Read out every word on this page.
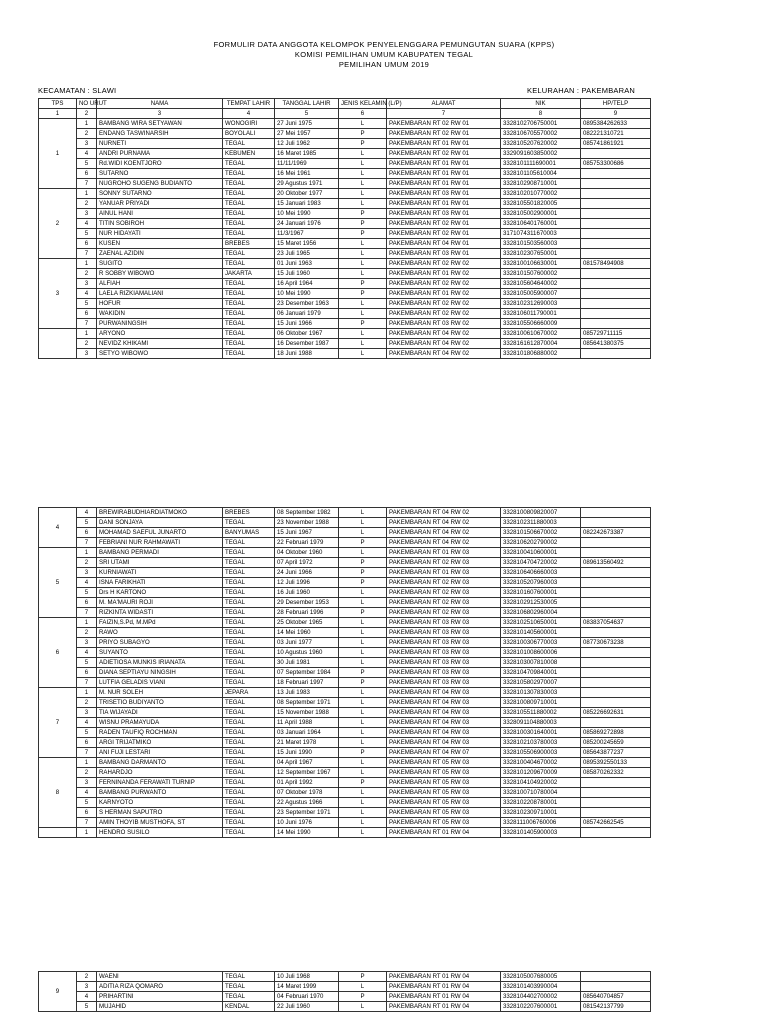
FORMULIR DATA ANGGOTA KELOMPOK PENYELENGGARA PEMUNGUTAN SUARA (KPPS)
KOMISI PEMILIHAN UMUM KABUPATEN TEGAL
PEMILIHAN UMUM 2019
KECAMATAN : SLAWI	KELURAHAN : PAKEMBARAN
TPS	NO URUT	NAMA	TEMPAT LAHIR	TANGGAL LAHIR	JENIS KELAMIN (L/P)	ALAMAT	NIK	HP/TELP
1	2	3	4	5	6	7	8	9
1	1	BAMBANG WIRA SETYAWAN	WONOGIRI	27 Juni 1975	L	PAKEMBARAN RT 02 RW 01	3328102706750001	0895384262633
	2	ENDANG TASWINARSIH	BOYOLALI	27 Mei 1957	P	PAKEMBARAN RT 02 RW 01	3328106705570002	082221310721
	3	NURNETI	TEGAL	12 Juli 1962	P	PAKEMBARAN RT 01 RW 01	3328105207620002	085741861921
	4	ANDRI PURNAMA	KEBUMEN	16 Maret 1985	L	PAKEMBARAN RT 02 RW 01	3329091603850002	
	5	Rd.WIDI KOENTJORO	TEGAL	11/11/1969	L	PAKEMBARAN RT 01 RW 01	3328101111690001	085753300686
	6	SUTARNO	TEGAL	16 Mei 1961	L	PAKEMBARAN RT 01 RW 01	3328101105610004	
	7	NUGROHO SUGENG BUDIANTO	TEGAL	29 Agustus 1971	L	PAKEMBARAN RT 01 RW 01	3328102908710001	
2	1	SONNY SUTARNO	TEGAL	20 Oktober 1977	L	PAKEMBARAN RT 03 RW 01	3328102010770002	
	2	YANUAR PRIYADI	TEGAL	15 Januari 1983	L	PAKEMBARAN RT 01 RW 01	3328105501820005	
	3	AINUL HANI	TEGAL	10 Mei 1990	P	PAKEMBARAN RT 03 RW 01	3328105002900001	
	4	TITIN SOBIROH	TEGAL	24 Januari 1976	P	PAKEMBARAN RT 02 RW 01	3328106401760001	
	5	NUR HIDAYATI	TEGAL	11/3/1967	P	PAKEMBARAN RT 02 RW 01	3171074311670003	
	6	KUSEN	BREBES	15 Maret 1956	L	PAKEMBARAN RT 04 RW 01	3328101503560003	
	7	ZAENAL AZIDIN	TEGAL	23 Juli 1965	L	PAKEMBARAN RT 03 RW 01	3328102307650001	
3	1	SUGITO	TEGAL	01 Juni 1963	L	PAKEMBARAN RT 02 RW 02	3328100106630001	081578494908
	2	R SOBBY WIBOWO	JAKARTA	15 Juli 1960	L	PAKEMBARAN RT 01 RW 02	3328101507600002	
	3	ALFIAH	TEGAL	16 April 1964	P	PAKEMBARAN RT 02 RW 02	3328105604640002	
	4	LAELA RIZKIAMALIANI	TEGAL	10 Mei 1990	P	PAKEMBARAN RT 01 RW 02	3328105005900007	
	5	HOFUR	TEGAL	23 Desember 1963	L	PAKEMBARAN RT 02 RW 02	3328102312690003	
	6	WAKIDIN	TEGAL	06 Januari 1979	L	PAKEMBARAN RT 02 RW 02	3328106011790001	
	7	PURWANINGSIH	TEGAL	15 Juni 1966	P	PAKEMBARAN RT 03 RW 02	3328105506660009	
	1	ARYONO	TEGAL	06 Oktober 1967	L	PAKEMBARAN RT 04 RW 02	3328100610670002	085729711115
	2	NEVIDZ KHIKAMI	TEGAL	16 Desember 1987	L	PAKEMBARAN RT 04 RW 02	3328161612870004	085641380375
	3	SETYO WIBOWO	TEGAL	18 Juni 1988	L	PAKEMBARAN RT 04 RW 02	3328101806880002	
4	4	BREWIRABUDHIARDIATMOKO	BREBES	08 September 1982	L	PAKEMBARAN RT 04 RW 02	3328100809820007	
	5	DANI SONJAYA	TEGAL	23 November 1988	L	PAKEMBARAN RT 04 RW 02	3328102311880003	
	6	MOHAMAD SAEFUL JUNARTO	BANYUMAS	15 Juni 1967	L	PAKEMBARAN RT 04 RW 02	3328101506670002	082242673387
	7	FEBRIANI NUR RAHMAWATI	TEGAL	22 Februari 1979	P	PAKEMBARAN RT 04 RW 02	3328106202790002	
5	1	BAMBANG PERMADI	TEGAL	04 Oktober 1960	L	PAKEMBARAN RT 01 RW 03	3328100410600001	
	2	SRI UTAMI	TEGAL	07 April 1972	P	PAKEMBARAN RT 02 RW 03	3328104704720002	089613560492
	3	KURNIAWATI	TEGAL	24 Juni 1966	P	PAKEMBARAN RT 01 RW 03	3328106406660003	
	4	ISNA FARIKHATI	TEGAL	12 Juli 1996	P	PAKEMBARAN RT 02 RW 03	3328105207960003	
	5	Drs H KARTONO	TEGAL	16 Juli 1960	L	PAKEMBARAN RT 02 RW 03	3328101607600001	
	6	M. MA'MAURI ROJI	TEGAL	29 Desember 1953	L	PAKEMBARAN RT 02 RW 03	3328102912530005	
	7	RIZKINTA WIDASTI	TEGAL	28 Februari 1996	P	PAKEMBARAN RT 02 RW 03	3328106802960004	
6	1	FAIZIN,S.Pd, M.MPd	TEGAL	25 Oktober 1965	L	PAKEMBARAN RT 03 RW 03	3328102510650001	083837054637
	2	RAWO	TEGAL	14 Mei 1960	L	PAKEMBARAN RT 03 RW 03	3328101405600001	
	3	PRIYO SUBAGYO	TEGAL	03 Juni 1977	L	PAKEMBARAN RT 03 RW 03	3328100306770003	087730673238
	4	SUYANTO	TEGAL	10 Agustus 1960	L	PAKEMBARAN RT 03 RW 03	3328101008600006	
	5	ADIETIOSA MUNKIS IRIANATA	TEGAL	30 Juli 1981	L	PAKEMBARAN RT 03 RW 03	3328103007810008	
	6	DIANA SEPTIAYU NINGSIH	TEGAL	07 September 1984	P	PAKEMBARAN RT 03 RW 03	3328104709840001	
	7	LUTFIA GELADIS VIANI	TEGAL	18 Februari 1997	P	PAKEMBARAN RT 03 RW 03	3328105802970007	
7	1	M. NUR SOLEH	JEPARA	13 Juli 1983	L	PAKEMBARAN RT 04 RW 03	3328101307830003	
	2	TRISETIO BUDIYANTO	TEGAL	08 September 1971	L	PAKEMBARAN RT 04 RW 03	3328100809710001	
	3	TIA WIJAYADI	TEGAL	15 November 1988	L	PAKEMBARAN RT 04 RW 03	3328105511880002	085226692631
	4	WISNU PRAMAYUDA	TEGAL	11 April 1988	L	PAKEMBARAN RT 04 RW 03	3328091104880003	
	5	RADEN TAUFIQ ROCHMAN	TEGAL	03 Januari 1964	L	PAKEMBARAN RT 04 RW 03	3328100301640001	085869272898
	6	ARGI TRIJATMIKO	TEGAL	21 Maret 1978	L	PAKEMBARAN RT 04 RW 03	3328102103780003	085200245659
	7	ANI FUJI LESTARI	TEGAL	15 Juni 1990	P	PAKEMBARAN RT 04 RW 07	3328105506900003	085643877237
8	1	BAMBANG DARMANTO	TEGAL	04 April 1967	L	PAKEMBARAN RT 05 RW 03	3328100404670002	0895392550133
	2	RAHARDJO	TEGAL	12 September 1967	L	PAKEMBARAN RT 05 RW 03	3328101209670009	085870262332
	3	FERNINANDA FERAWATI TURNIP	TEGAL	01 April 1992	P	PAKEMBARAN RT 05 RW 03	3328104104920002	
	4	BAMBANG PURWANTO	TEGAL	07 Oktober 1978	L	PAKEMBARAN RT 05 RW 03	3328100710780004	
	5	KARNYOTO	TEGAL	22 Agustus 1966	L	PAKEMBARAN RT 05 RW 03	3328102208780001	
	6	S HERMAN SAPUTRO	TEGAL	23 September 1971	L	PAKEMBARAN RT 05 RW 03	3328102309710001	
	7	AMIN THOYIB MUSTHOFA, ST	TEGAL	10 Juni 1976	L	PAKEMBARAN RT 05 RW 03	3328111006760006	085742662545
	1	HENDRO SUSILO	TEGAL	14 Mei 1990	L	PAKEMBARAN RT 01 RW 04	3328101405900003	
9	2	WAENI	TEGAL	10 Juli 1968	P	PAKEMBARAN RT 01 RW 04	3328105007680005	
	3	ADITIA RIZA QOMARO	TEGAL	14 Maret 1999	L	PAKEMBARAN RT 01 RW 04	3328101403990004	
	4	PRIHARTINI	TEGAL	04 Februari 1970	P	PAKEMBARAN RT 01 RW 04	3328104402700002	085640704857
	5	MUJAHID	KENDAL	22 Juli 1960	L	PAKEMBARAN RT 01 RW 04	3328102207600001	081542137799
